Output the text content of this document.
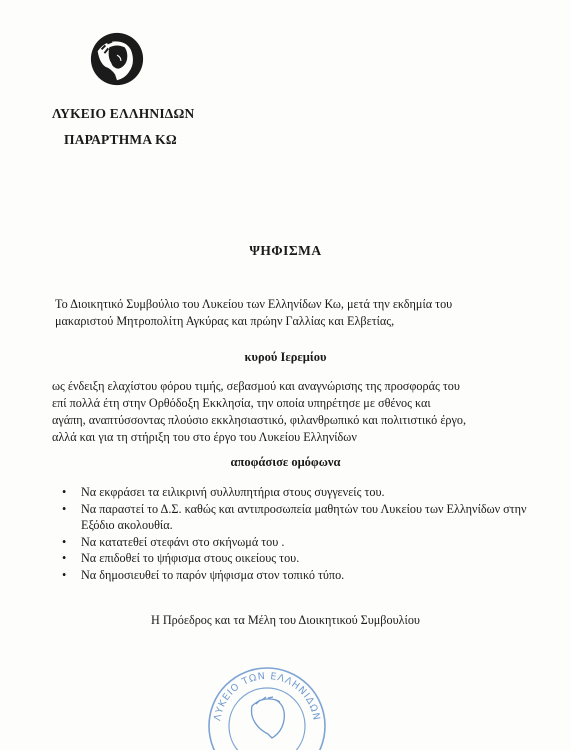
ΛΥΚΕΙΟ ΕΛΛΗΝΙΔΩΝ
ΠΑΡΑΡΤΗΜΑ ΚΩ
ΨΗΦΙΣΜΑ
Το Διοικητικό Συμβούλιο του Λυκείου των Ελληνίδων Κω, μετά την εκδημία του
μακαριστού Μητροπολίτη Αγκύρας και πρώην Γαλλίας και Ελβετίας,
κυρού Ιερεμίου
ως ένδειξη ελαχίστου φόρου τιμής, σεβασμού και αναγνώρισης της προσφοράς του
επί πολλά έτη στην Ορθόδοξη Εκκλησία, την οποία υπηρέτησε με σθένος και
αγάπη, αναπτύσσοντας πλούσιο εκκλησιαστικό, φιλανθρωπικό και πολιτιστικό έργο,
αλλά και για τη στήριξη του στο έργο του Λυκείου Ελληνίδων
αποφάσισε ομόφωνα
• Να εκφράσει τα ειλικρινή συλλυπητήρια στους συγγενείς του.
• Να παραστεί το Δ.Σ. καθώς και αντιπροσωπεία μαθητών του Λυκείου των Ελληνίδων στην Εξόδιο ακολουθία.
• Να κατατεθεί στεφάνι στο σκήνωμά του .
• Να επιδοθεί το ψήφισμα στους οικείους του.
• Να δημοσιευθεί το παρόν ψήφισμα στον τοπικό τύπο.
Η Πρόεδρος και τα Μέλη του Διοικητικού Συμβουλίου
ΛΥΚΕΙΟ ΤΩΝ ΕΛΛΗΝΙΔΩΝ
